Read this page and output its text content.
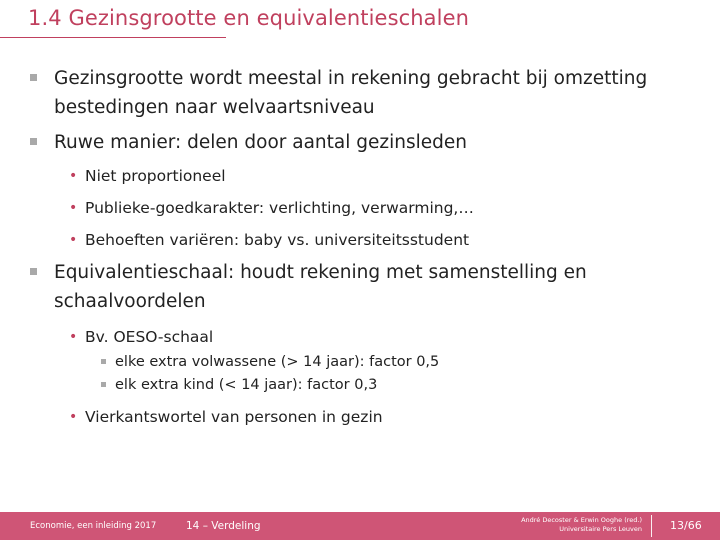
1.4 Gezinsgrootte en equivalentieschalen
Gezinsgrootte wordt meestal in rekening gebracht bij omzetting bestedingen naar welvaartsniveau
Ruwe manier: delen door aantal gezinsleden
• Niet proportioneel
• Publieke-goedkarakter: verlichting, verwarming,…
• Behoeften variëren: baby vs. universiteitsstudent
Equivalentieschaal: houdt rekening met samenstelling en schaalvoordelen
• Bv. OESO-schaal
elke extra volwassene (> 14 jaar): factor 0,5
elk extra kind (< 14 jaar): factor 0,3
• Vierkantswortel van personen in gezin
Economie, een inleiding 2017	14 – Verdeling	André Decoster & Erwin Ooghe (red.)
Universitaire Pers Leuven	13/66
